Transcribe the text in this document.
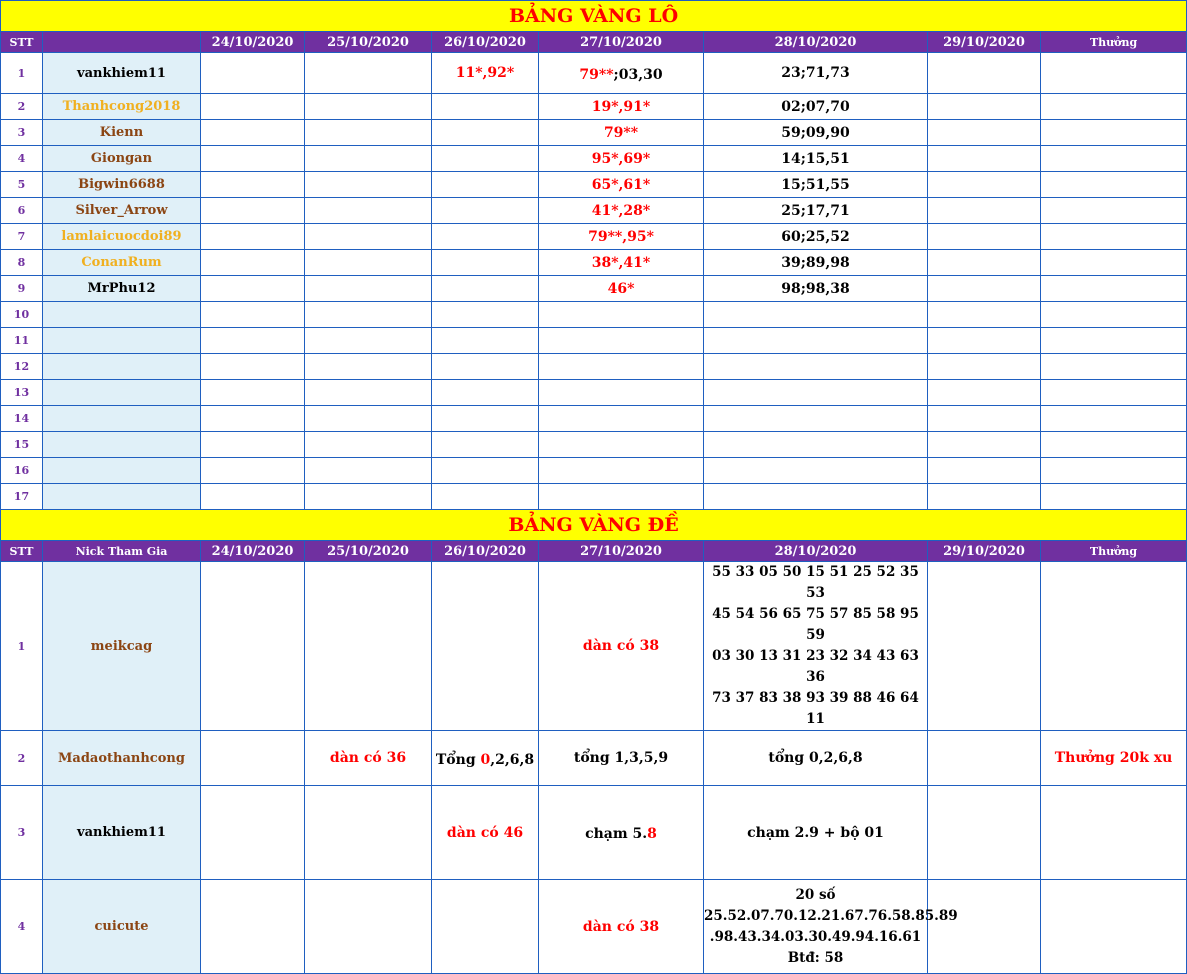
BẢNG VÀNG LÔ								
STT		24/10/2020	25/10/2020	26/10/2020	27/10/2020	28/10/2020	29/10/2020	Thưởng
1	vankhiem11			11*,92*	79**;03,30	23;71,73		
2	Thanhcong2018				19*,91*	02;07,70		
3	Kienn				79**	59;09,90		
4	Giongan				95*,69*	14;15,51		
5	Bigwin6688				65*,61*	15;51,55		
6	Silver_Arrow				41*,28*	25;17,71		
7	lamlaicuocdoi89				79**,95*	60;25,52		
8	ConanRum				38*,41*	39;89,98		
9	MrPhu12				46*	98;98,38		
10								
11								
12								
13								
14								
15								
16								
17								
BẢNG VÀNG ĐỀ								
STT	Nick Tham Gia	24/10/2020	25/10/2020	26/10/2020	27/10/2020	28/10/2020	29/10/2020	Thưởng
1	meikcag				dàn có 38	55 33 05 50 15 51 25 52 35 53
45 54 56 65 75 57 85 58 95 59
03 30 13 31 23 32 34 43 63 36
73 37 83 38 93 39 88 46 64 11		

2	Madaothanhcong		dàn có 36	Tổng 0,2,6,8	tổng 1,3,5,9	tổng 0,2,6,8		Thưởng 20k xu
3	vankhiem11			dàn có 46	chạm 5.8	chạm 2.9 + bộ 01		
4	cuicute				dàn có 38	20 số
25.52.07.70.12.21.67.76.58.85.89
.98.43.34.03.30.49.94.16.61
Btđ: 58		
